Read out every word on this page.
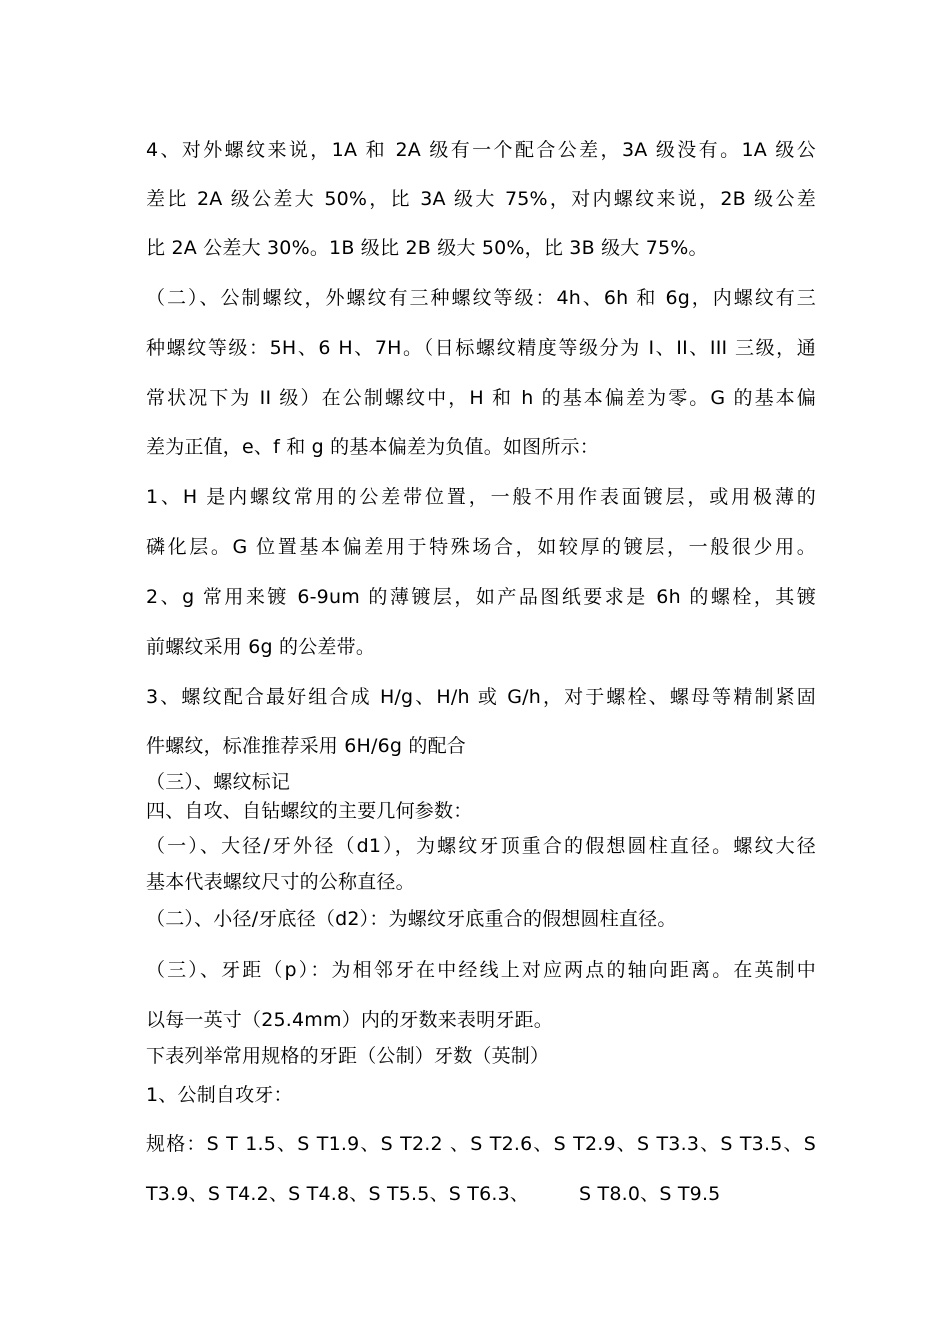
4、对外螺纹来说，1A 和 2A 级有一个配合公差，3A 级没有。1A 级公
差比 2A 级公差大 50%，比 3A 级大 75%，对内螺纹来说，2B 级公差
比 2A 公差大 30%。1B 级比 2B 级大 50%，比 3B 级大 75%。
（二）、公制螺纹，外螺纹有三种螺纹等级：4h、6h 和 6g，内螺纹有三
种螺纹等级：5H、6 H、7H。（日标螺纹精度等级分为 I、II、III 三级，通
常状况下为 II 级）在公制螺纹中，H 和 h 的基本偏差为零。G 的基本偏
差为正值，e、f 和 g 的基本偏差为负值。如图所示：
1、H 是内螺纹常用的公差带位置，一般不用作表面镀层，或用极薄的
磷化层。G 位置基本偏差用于特殊场合，如较厚的镀层，一般很少用。
2、g 常用来镀 6-9um 的薄镀层，如产品图纸要求是 6h 的螺栓，其镀
前螺纹采用 6g 的公差带。
3、螺纹配合最好组合成 H/g、H/h 或 G/h，对于螺栓、螺母等精制紧固
件螺纹，标准推荐采用 6H/6g 的配合
（三）、螺纹标记
四、自攻、自钻螺纹的主要几何参数：
（一）、大径/牙外径（d1），为螺纹牙顶重合的假想圆柱直径。螺纹大径
基本代表螺纹尺寸的公称直径。
（二）、小径/牙底径（d2）：为螺纹牙底重合的假想圆柱直径。
（三）、牙距（p）：为相邻牙在中经线上对应两点的轴向距离。在英制中
以每一英寸（25.4mm）内的牙数来表明牙距。
下表列举常用规格的牙距（公制）牙数（英制）
1、公制自攻牙：
规格：S T 1.5、S T1.9、S T2.2 、S T2.6、S T2.9、S T3.3、S T3.5、S
T3.9、S T4.2、S T4.8、S T5.5、S T6.3、        S T8.0、S T9.5
